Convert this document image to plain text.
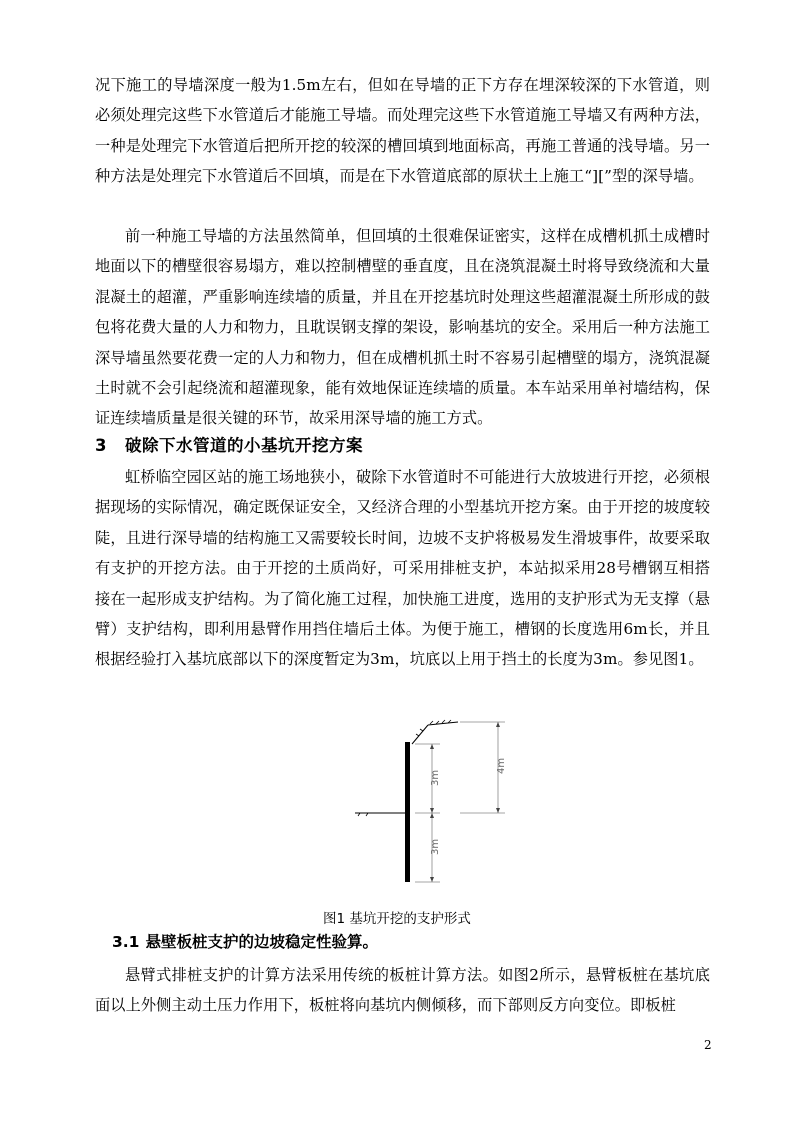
况下施工的导墙深度一般为1.5m左右，但如在导墙的正下方存在埋深较深的下水管道，则必须处理完这些下水管道后才能施工导墙。而处理完这些下水管道施工导墙又有两种方法，一种是处理完下水管道后把所开挖的较深的槽回填到地面标高，再施工普通的浅导墙。另一种方法是处理完下水管道后不回填，而是在下水管道底部的原状土上施工“][”型的深导墙。
前一种施工导墙的方法虽然简单，但回填的土很难保证密实，这样在成槽机抓土成槽时地面以下的槽壁很容易塌方，难以控制槽壁的垂直度，且在浇筑混凝土时将导致绕流和大量混凝土的超灌，严重影响连续墙的质量，并且在开挖基坑时处理这些超灌混凝土所形成的鼓包将花费大量的人力和物力，且耽误钢支撑的架设，影响基坑的安全。采用后一种方法施工深导墙虽然要花费一定的人力和物力，但在成槽机抓土时不容易引起槽壁的塌方，浇筑混凝土时就不会引起绕流和超灌现象，能有效地保证连续墙的质量。本车站采用单衬墙结构，保证连续墙质量是很关键的环节，故采用深导墙的施工方式。
3 破除下水管道的小基坑开挖方案
虹桥临空园区站的施工场地狭小，破除下水管道时不可能进行大放坡进行开挖，必须根据现场的实际情况，确定既保证安全，又经济合理的小型基坑开挖方案。由于开挖的坡度较陡，且进行深导墙的结构施工又需要较长时间，边坡不支护将极易发生滑坡事件，故要采取有支护的开挖方法。由于开挖的土质尚好，可采用排桩支护，本站拟采用28号槽钢互相搭接在一起形成支护结构。为了简化施工过程，加快施工进度，选用的支护形式为无支撑（悬臂）支护结构，即利用悬臂作用挡住墙后土体。为便于施工，槽钢的长度选用6m长，并且根据经验打入基坑底部以下的深度暂定为3m，坑底以上用于挡土的长度为3m。参见图1。
3m
3m
4m
图1 基坑开挖的支护形式
3.1 悬壁板桩支护的边坡稳定性验算。
悬臂式排桩支护的计算方法采用传统的板桩计算方法。如图2所示，悬臂板桩在基坑底面以上外侧主动土压力作用下，板桩将向基坑内侧倾移，而下部则反方向变位。即板桩
2
